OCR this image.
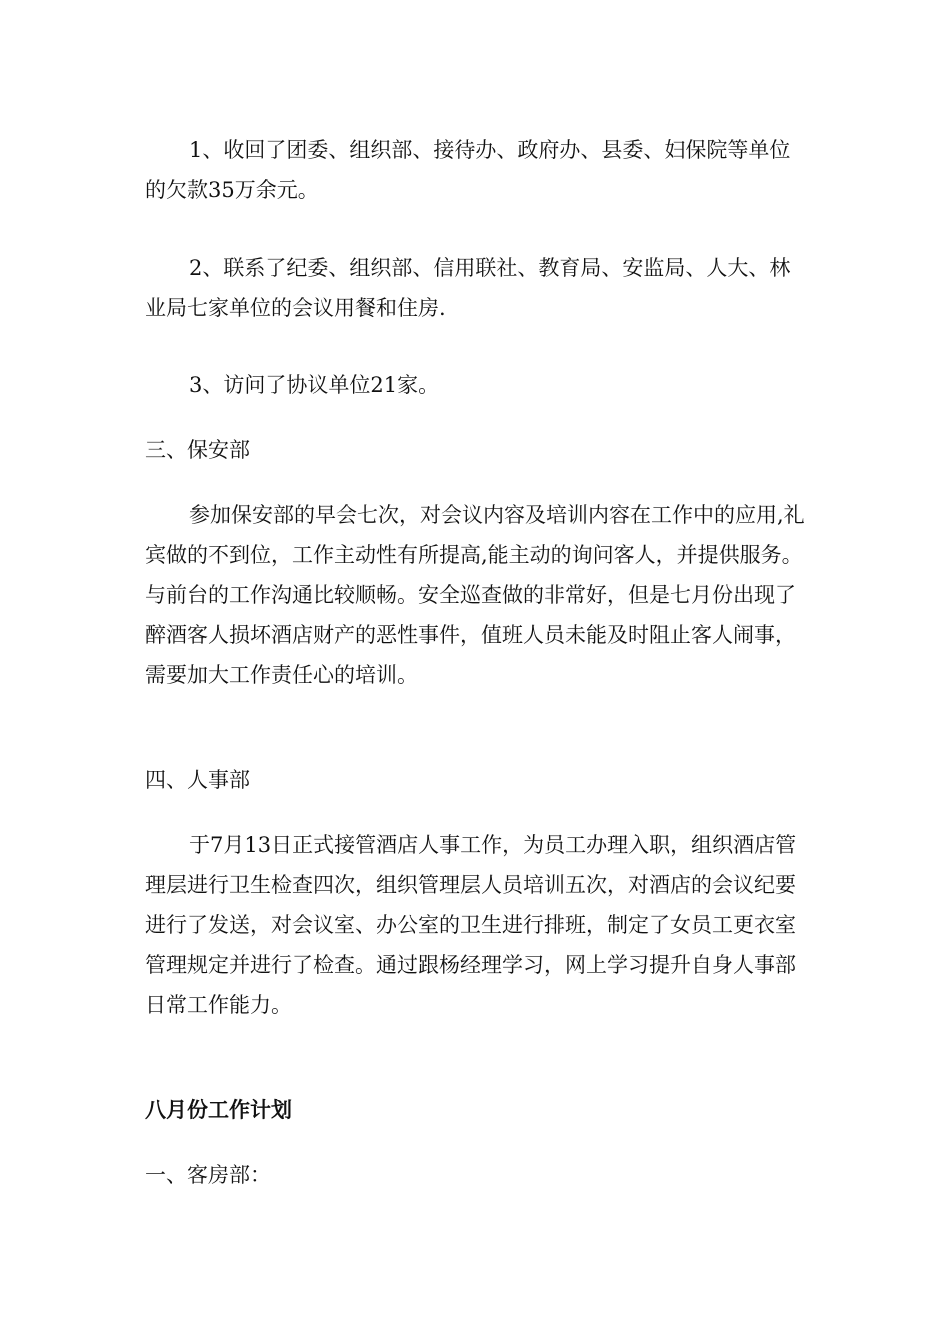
1、收回了团委、组织部、接待办、政府办、县委、妇保院等单位的欠款35万余元。

2、联系了纪委、组织部、信用联社、教育局、安监局、人大、林业局七家单位的会议用餐和住房.

3、访问了协议单位21家。

三、保安部

参加保安部的早会七次，对会议内容及培训内容在工作中的应用,礼宾做的不到位，工作主动性有所提高,能主动的询问客人，并提供服务。与前台的工作沟通比较顺畅。安全巡查做的非常好，但是七月份出现了醉酒客人损坏酒店财产的恶性事件，值班人员未能及时阻止客人闹事，需要加大工作责任心的培训。

四、人事部

于7月13日正式接管酒店人事工作，为员工办理入职，组织酒店管理层进行卫生检查四次，组织管理层人员培训五次，对酒店的会议纪要进行了发送，对会议室、办公室的卫生进行排班，制定了女员工更衣室管理规定并进行了检查。通过跟杨经理学习，网上学习提升自身人事部日常工作能力。

八月份工作计划

一、客房部：
